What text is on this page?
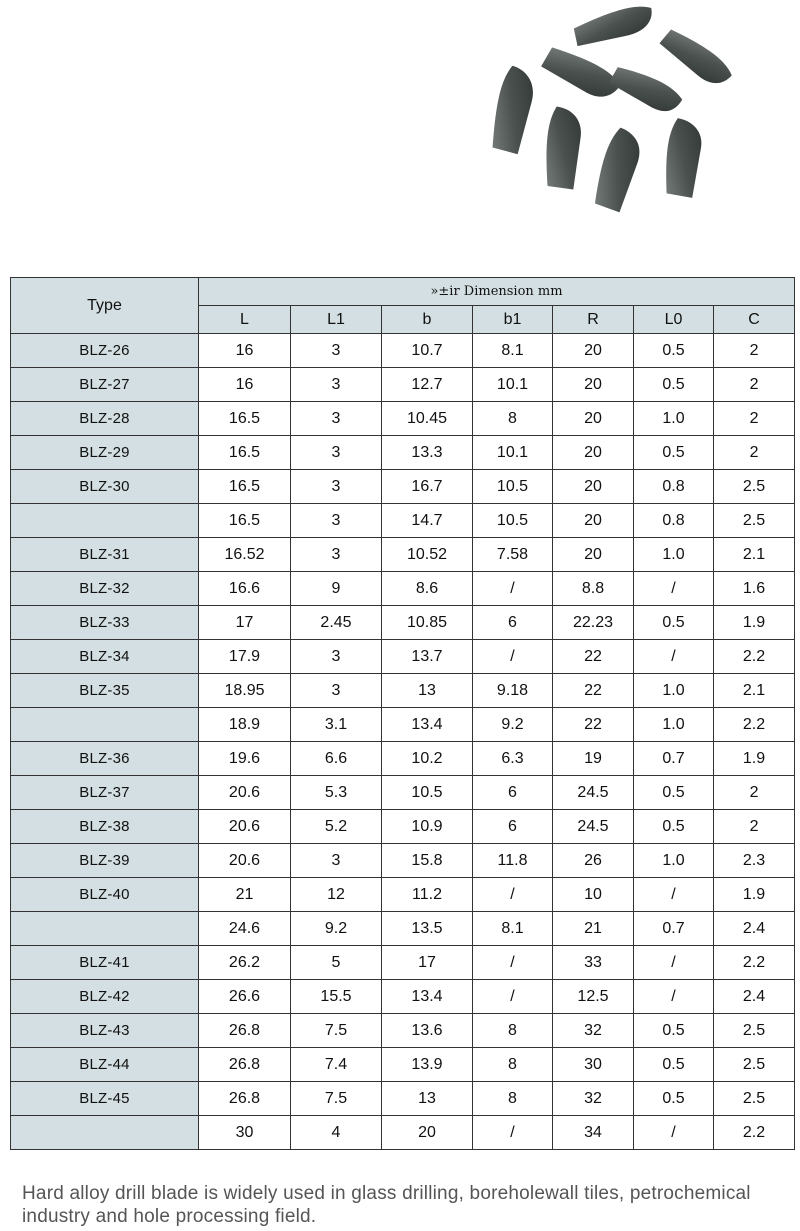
Type	»±ir Dimension mm						
	L	L1	b	b1	R	L0	C
BLZ-26	16	3	10.7	8.1	20	0.5	2
BLZ-27	16	3	12.7	10.1	20	0.5	2
BLZ-28	16.5	3	10.45	8	20	1.0	2
BLZ-29	16.5	3	13.3	10.1	20	0.5	2
BLZ-30	16.5	3	16.7	10.5	20	0.8	2.5
	16.5	3	14.7	10.5	20	0.8	2.5
BLZ-31	16.52	3	10.52	7.58	20	1.0	2.1
BLZ-32	16.6	9	8.6	/	8.8	/	1.6
BLZ-33	17	2.45	10.85	6	22.23	0.5	1.9
BLZ-34	17.9	3	13.7	/	22	/	2.2
BLZ-35	18.95	3	13	9.18	22	1.0	2.1
	18.9	3.1	13.4	9.2	22	1.0	2.2
BLZ-36	19.6	6.6	10.2	6.3	19	0.7	1.9
BLZ-37	20.6	5.3	10.5	6	24.5	0.5	2
BLZ-38	20.6	5.2	10.9	6	24.5	0.5	2
BLZ-39	20.6	3	15.8	11.8	26	1.0	2.3
BLZ-40	21	12	11.2	/	10	/	1.9
	24.6	9.2	13.5	8.1	21	0.7	2.4
BLZ-41	26.2	5	17	/	33	/	2.2
BLZ-42	26.6	15.5	13.4	/	12.5	/	2.4
BLZ-43	26.8	7.5	13.6	8	32	0.5	2.5
BLZ-44	26.8	7.4	13.9	8	30	0.5	2.5
BLZ-45	26.8	7.5	13	8	32	0.5	2.5
	30	4	20	/	34	/	2.2
Hard alloy drill blade is widely used in glass drilling, boreholewall tiles, petrochemical industry and hole processing field.
